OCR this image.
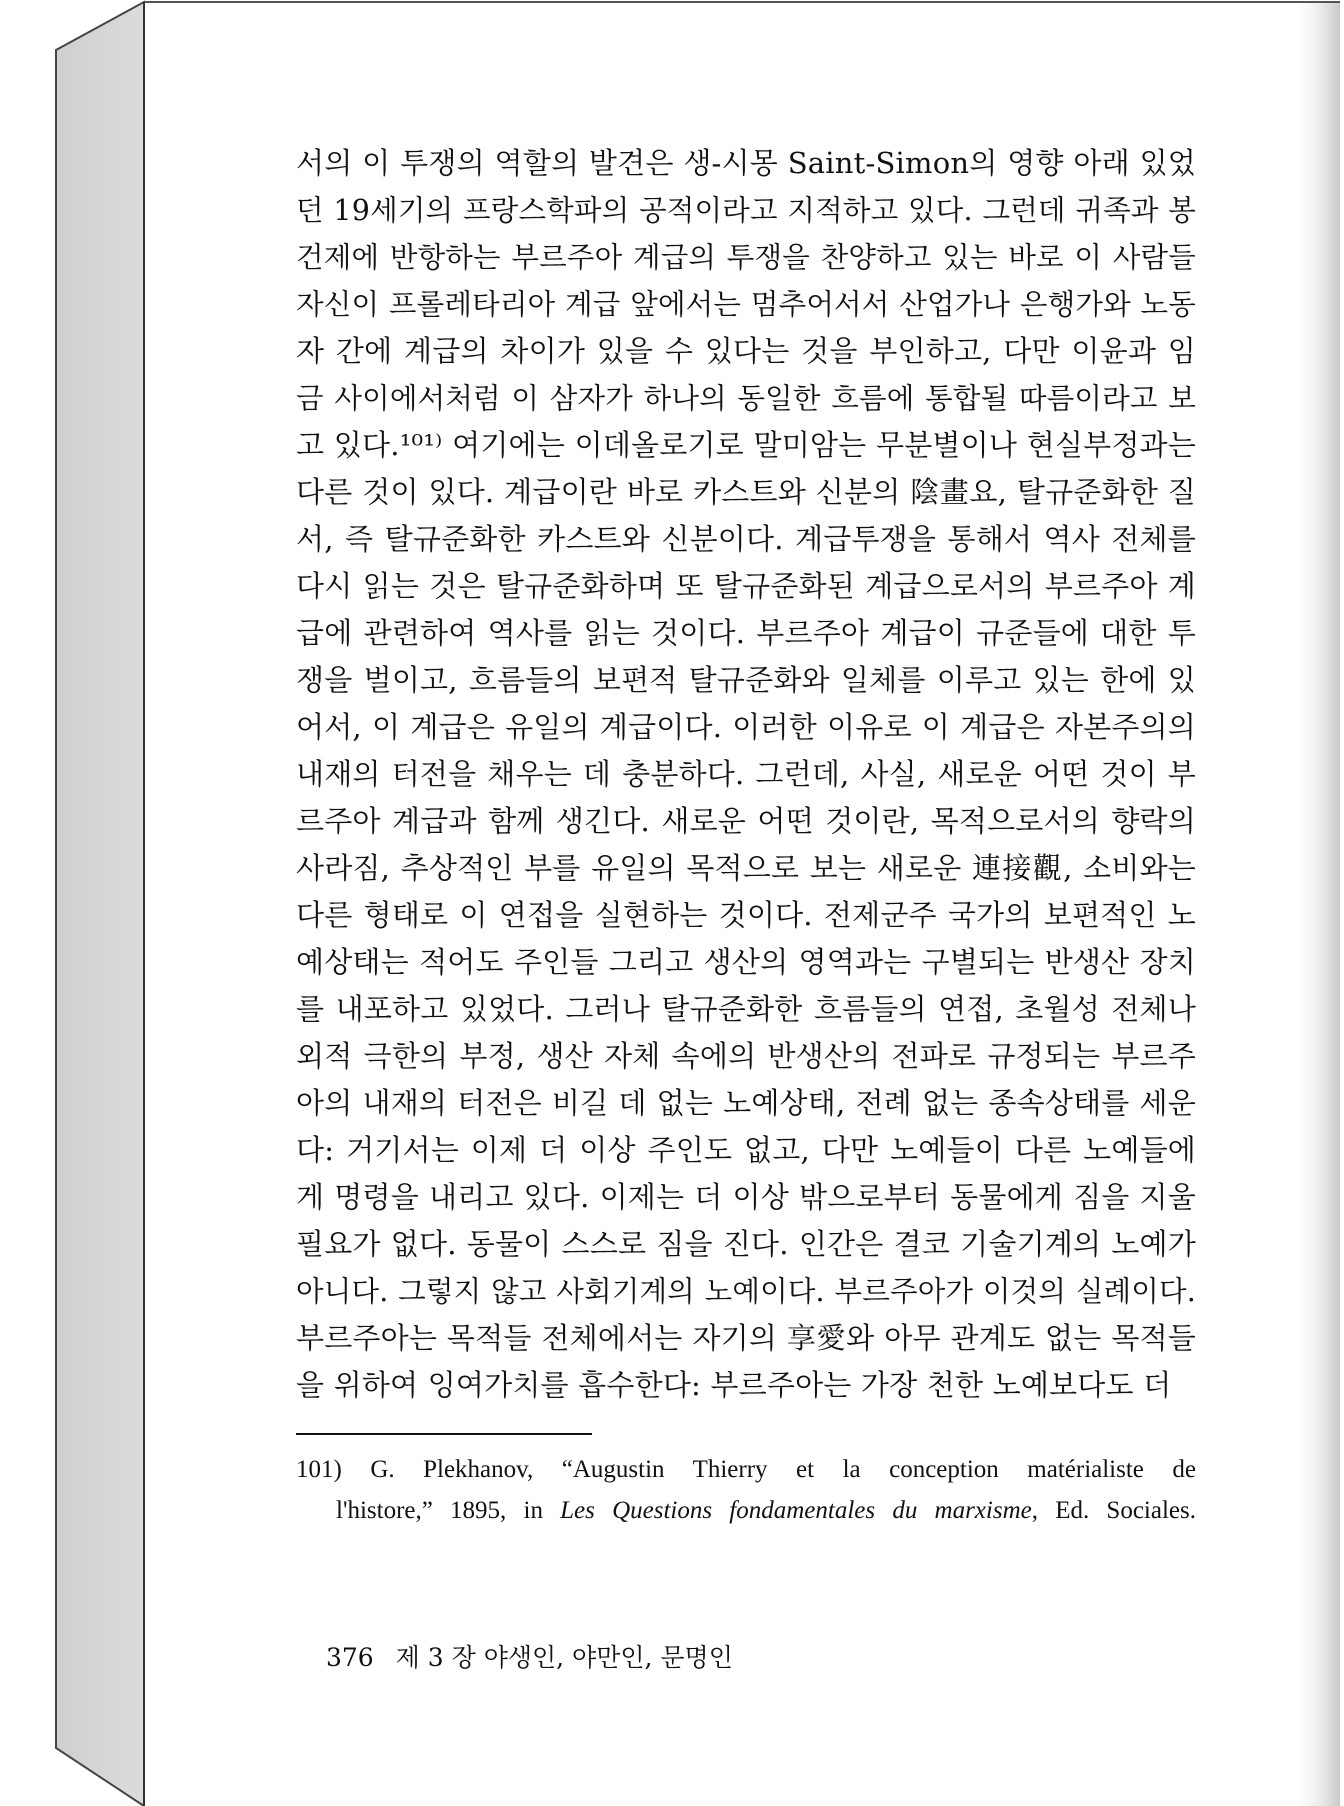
서의 이 투쟁의 역할의 발견은 생-시몽 Saint-Simon의 영향 아래 있었
던 19세기의 프랑스학파의 공적이라고 지적하고 있다. 그런데 귀족과 봉
건제에 반항하는 부르주아 계급의 투쟁을 찬양하고 있는 바로 이 사람들
자신이 프롤레타리아 계급 앞에서는 멈추어서서 산업가나 은행가와 노동
자 간에 계급의 차이가 있을 수 있다는 것을 부인하고, 다만 이윤과 임
금 사이에서처럼 이 삼자가 하나의 동일한 흐름에 통합될 따름이라고 보
고 있다.¹⁰¹⁾ 여기에는 이데올로기로 말미암는 무분별이나 현실부정과는
다른 것이 있다. 계급이란 바로 카스트와 신분의 陰畫요, 탈규준화한 질
서, 즉 탈규준화한 카스트와 신분이다. 계급투쟁을 통해서 역사 전체를
다시 읽는 것은 탈규준화하며 또 탈규준화된 계급으로서의 부르주아 계
급에 관련하여 역사를 읽는 것이다. 부르주아 계급이 규준들에 대한 투
쟁을 벌이고, 흐름들의 보편적 탈규준화와 일체를 이루고 있는 한에 있
어서, 이 계급은 유일의 계급이다. 이러한 이유로 이 계급은 자본주의의
내재의 터전을 채우는 데 충분하다. 그런데, 사실, 새로운 어떤 것이 부
르주아 계급과 함께 생긴다. 새로운 어떤 것이란, 목적으로서의 향락의
사라짐, 추상적인 부를 유일의 목적으로 보는 새로운 連接觀, 소비와는
다른 형태로 이 연접을 실현하는 것이다. 전제군주 국가의 보편적인 노
예상태는 적어도 주인들 그리고 생산의 영역과는 구별되는 반생산 장치
를 내포하고 있었다. 그러나 탈규준화한 흐름들의 연접, 초월성 전체나
외적 극한의 부정, 생산 자체 속에의 반생산의 전파로 규정되는 부르주
아의 내재의 터전은 비길 데 없는 노예상태, 전례 없는 종속상태를 세운
다: 거기서는 이제 더 이상 주인도 없고, 다만 노예들이 다른 노예들에
게 명령을 내리고 있다. 이제는 더 이상 밖으로부터 동물에게 짐을 지울
필요가 없다. 동물이 스스로 짐을 진다. 인간은 결코 기술기계의 노예가
아니다. 그렇지 않고 사회기계의 노예이다. 부르주아가 이것의 실례이다.
부르주아는 목적들 전체에서는 자기의 享愛와 아무 관계도 없는 목적들
을 위하여 잉여가치를 흡수한다: 부르주아는 가장 천한 노예보다도 더
101) G. Plekhanov, “Augustin Thierry et la conception matérialiste de
l'histore,” 1895, in Les Questions fondamentales du marxisme, Ed. Sociales.
376 제 3 장 야생인, 야만인, 문명인
